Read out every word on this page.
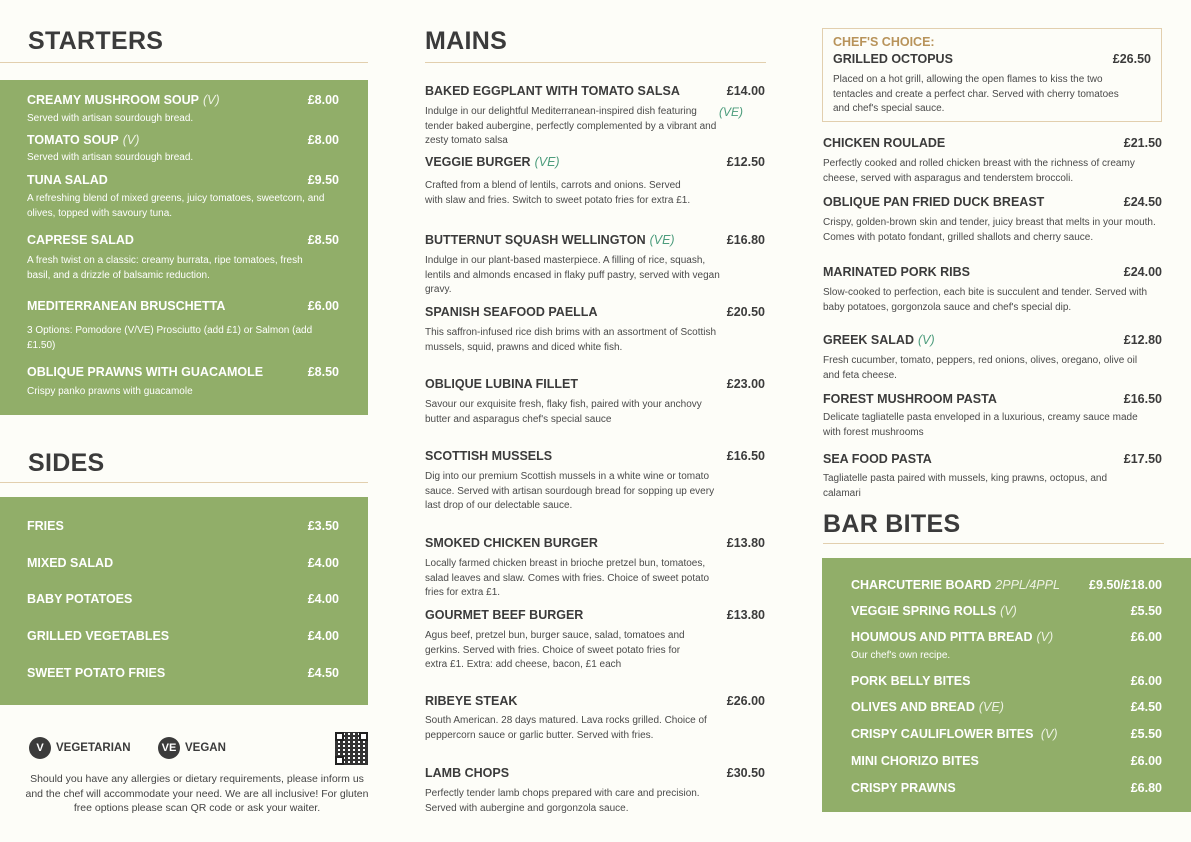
STARTERS
CREAMY MUSHROOM SOUP (V)	£8.00
Served with artisan sourdough bread.
TOMATO SOUP (V)	£8.00
Served with artisan sourdough bread.
TUNA SALAD	£9.50
A refreshing blend of mixed greens, juicy tomatoes, sweetcorn, and olives, topped with savoury tuna.
CAPRESE SALAD	£8.50
A fresh twist on a classic: creamy burrata, ripe tomatoes, fresh basil, and a drizzle of balsamic reduction.
MEDITERRANEAN BRUSCHETTA	£6.00
3 Options: Pomodore (V/VE) Prosciutto (add £1) or Salmon (add £1.50)
OBLIQUE PRAWNS WITH GUACAMOLE	£8.50
Crispy panko prawns with guacamole
SIDES
FRIES	£3.50
MIXED SALAD	£4.00
BABY POTATOES	£4.00
GRILLED VEGETABLES	£4.00
SWEET POTATO FRIES	£4.50
V VEGETARIAN	VE VEGAN
Should you have any allergies or dietary requirements, please inform us and the chef will accommodate your need. We are all inclusive! For gluten free options please scan QR code or ask your waiter.
MAINS
(VE)
BAKED EGGPLANT WITH TOMATO SALSA	£14.00
Indulge in our delightful Mediterranean-inspired dish featuring tender baked aubergine, perfectly complemented by a vibrant and zesty tomato salsa
VEGGIE BURGER (VE)	£12.50
Crafted from a blend of lentils, carrots and onions. Served with slaw and fries. Switch to sweet potato fries for extra £1.
BUTTERNUT SQUASH WELLINGTON (VE)	£16.80
Indulge in our plant-based masterpiece. A filling of rice, squash, lentils and almonds encased in flaky puff pastry, served with vegan gravy.
SPANISH SEAFOOD PAELLA	£20.50
This saffron-infused rice dish brims with an assortment of Scottish mussels, squid, prawns and diced white fish.
OBLIQUE LUBINA FILLET	£23.00
Savour our exquisite fresh, flaky fish, paired with your anchovy butter and asparagus chef's special sauce
SCOTTISH MUSSELS	£16.50
Dig into our premium Scottish mussels in a white wine or tomato sauce. Served with artisan sourdough bread for sopping up every last drop of our delectable sauce.
SMOKED CHICKEN BURGER	£13.80
Locally farmed chicken breast in brioche pretzel bun, tomatoes, salad leaves and slaw. Comes with fries. Choice of sweet potato fries for extra £1.
GOURMET BEEF BURGER	£13.80
Agus beef, pretzel bun, burger sauce, salad, tomatoes and gerkins. Served with fries. Choice of sweet potato fries for extra £1. Extra: add cheese, bacon, £1 each
RIBEYE STEAK	£26.00
South American. 28 days matured. Lava rocks grilled. Choice of peppercorn sauce or garlic butter. Served with fries.
LAMB CHOPS	£30.50
Perfectly tender lamb chops prepared with care and precision. Served with aubergine and gorgonzola sauce.
CHEF'S CHOICE:
GRILLED OCTOPUS	£26.50
Placed on a hot grill, allowing the open flames to kiss the two tentacles and create a perfect char. Served with cherry tomatoes and chef's special sauce.
CHICKEN ROULADE	£21.50
Perfectly cooked and rolled chicken breast with the richness of creamy cheese, served with asparagus and tenderstem broccoli.
OBLIQUE PAN FRIED DUCK BREAST	£24.50
Crispy, golden-brown skin and tender, juicy breast that melts in your mouth. Comes with potato fondant, grilled shallots and cherry sauce.
MARINATED PORK RIBS	£24.00
Slow-cooked to perfection, each bite is succulent and tender. Served with baby potatoes, gorgonzola sauce and chef's special dip.
GREEK SALAD (V)	£12.80
Fresh cucumber, tomato, peppers, red onions, olives, oregano, olive oil and feta cheese.
FOREST MUSHROOM PASTA	£16.50
Delicate tagliatelle pasta enveloped in a luxurious, creamy sauce made with forest mushrooms
SEA FOOD PASTA	£17.50
Tagliatelle pasta paired with mussels, king prawns, octopus, and calamari
BAR BITES
CHARCUTERIE BOARD 2PPL/4PPL £9.50/£18.00
VEGGIE SPRING ROLLS (V)	£5.50
HOUMOUS AND PITTA BREAD (V)	£6.00
Our chef's own recipe.
PORK BELLY BITES	£6.00
OLIVES AND BREAD (VE)	£4.50
CRISPY CAULIFLOWER BITES (V)	£5.50
MINI CHORIZO BITES	£6.00
CRISPY PRAWNS	£6.80
